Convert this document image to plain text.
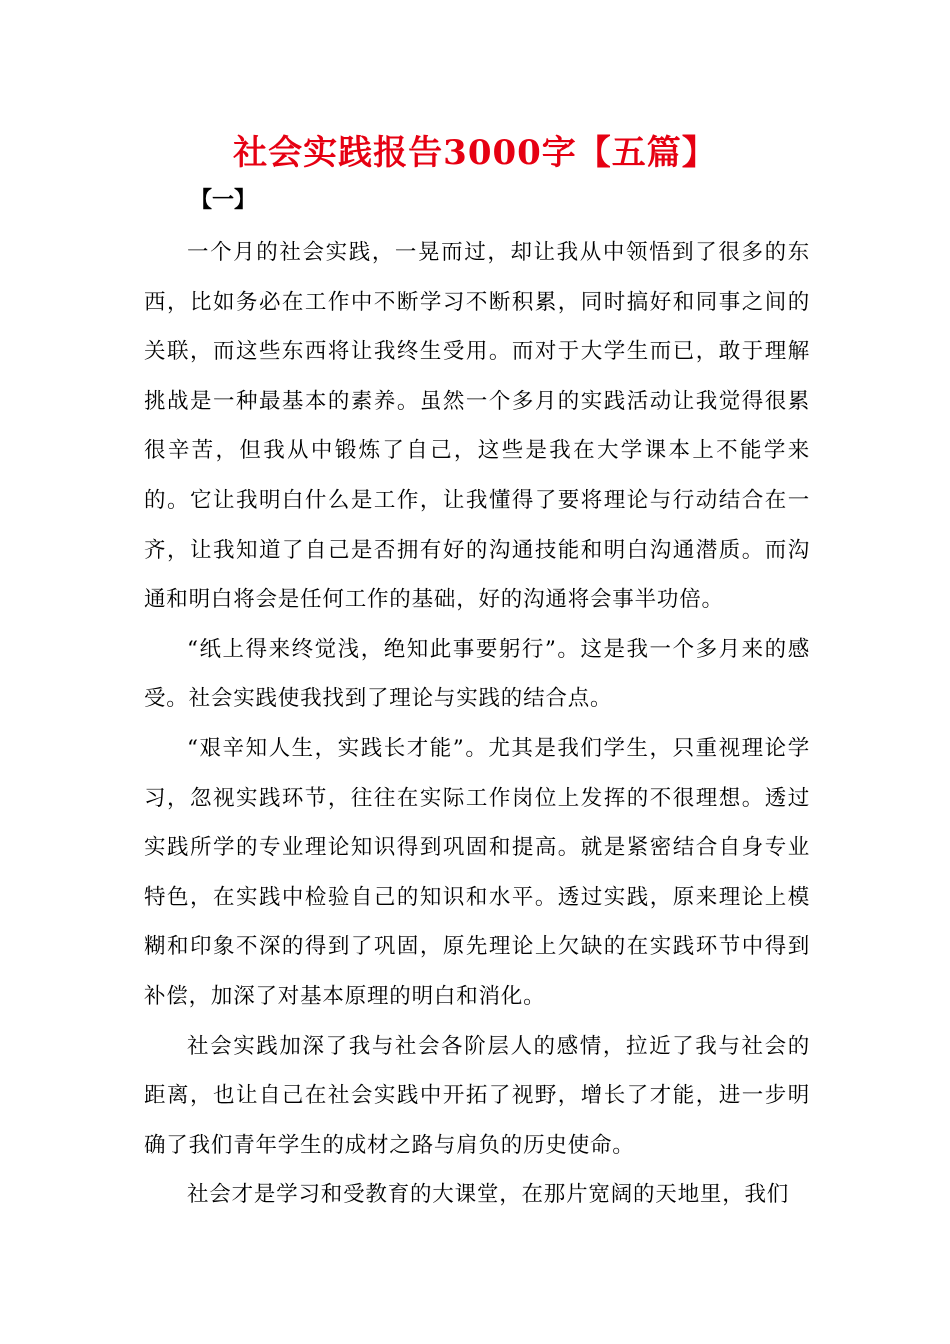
社会实践报告3000字【五篇】
【一】

一个月的社会实践，一晃而过，却让我从中领悟到了很多的东西，比如务必在工作中不断学习不断积累，同时搞好和同事之间的关联，而这些东西将让我终生受用。而对于大学生而已，敢于理解挑战是一种最基本的素养。虽然一个多月的实践活动让我觉得很累很辛苦，但我从中锻炼了自己，这些是我在大学课本上不能学来的。它让我明白什么是工作，让我懂得了要将理论与行动结合在一齐，让我知道了自己是否拥有好的沟通技能和明白沟通潜质。而沟通和明白将会是任何工作的基础，好的沟通将会事半功倍。

“纸上得来终觉浅，绝知此事要躬行”。这是我一个多月来的感受。社会实践使我找到了理论与实践的结合点。

“艰辛知人生，实践长才能”。尤其是我们学生，只重视理论学习，忽视实践环节，往往在实际工作岗位上发挥的不很理想。透过实践所学的专业理论知识得到巩固和提高。就是紧密结合自身专业特色，在实践中检验自己的知识和水平。透过实践，原来理论上模糊和印象不深的得到了巩固，原先理论上欠缺的在实践环节中得到补偿，加深了对基本原理的明白和消化。

社会实践加深了我与社会各阶层人的感情，拉近了我与社会的距离，也让自己在社会实践中开拓了视野，增长了才能，进一步明确了我们青年学生的成材之路与肩负的历史使命。

社会才是学习和受教育的大课堂，在那片宽阔的天地里，我们
